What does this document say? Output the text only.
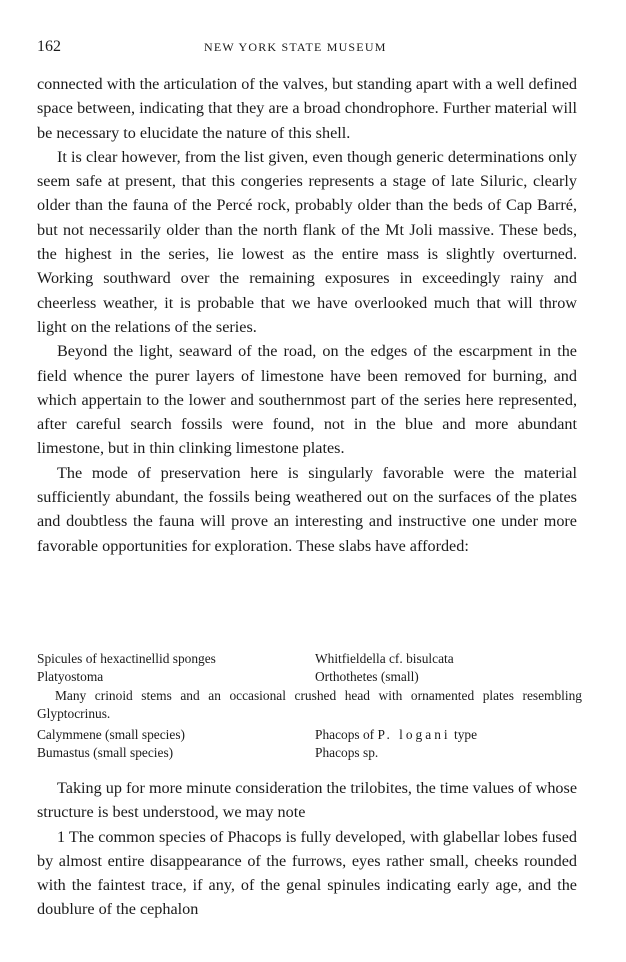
162	NEW YORK STATE MUSEUM

connected with the articulation of the valves, but standing apart with a well defined space between, indicating that they are a broad chondrophore. Further material will be necessary to elucidate the nature of this shell.

It is clear however, from the list given, even though generic determinations only seem safe at present, that this congeries represents a stage of late Siluric, clearly older than the fauna of the Percé rock, probably older than the beds of Cap Barré, but not necessarily older than the north flank of the Mt Joli massive. These beds, the highest in the series, lie lowest as the entire mass is slightly overturned. Working southward over the remaining exposures in exceedingly rainy and cheerless weather, it is probable that we have overlooked much that will throw light on the relations of the series.

Beyond the light, seaward of the road, on the edges of the escarpment in the field whence the purer layers of limestone have been removed for burning, and which appertain to the lower and southernmost part of the series here represented, after careful search fossils were found, not in the blue and more abundant limestone, but in thin clinking limestone plates.

The mode of preservation here is singularly favorable were the material sufficiently abundant, the fossils being weathered out on the surfaces of the plates and doubtless the fauna will prove an interesting and instructive one under more favorable opportunities for exploration. These slabs have afforded:

Spicules of hexactinellid sponges	Whitfieldella cf. bisulcata
Platyostoma	Orthothetes (small)
Many crinoid stems and an occasional crushed head with ornamented plates resembling Glyptocrinus.
Calymmene (small species)	Phacops of P. logani type
Bumastus (small species)	Phacops sp.

Taking up for more minute consideration the trilobites, the time values of whose structure is best understood, we may note

1 The common species of Phacops is fully developed, with glabellar lobes fused by almost entire disappearance of the furrows, eyes rather small, cheeks rounded with the faintest trace, if any, of the genal spinules indicating early age, and the doublure of the cephalon
